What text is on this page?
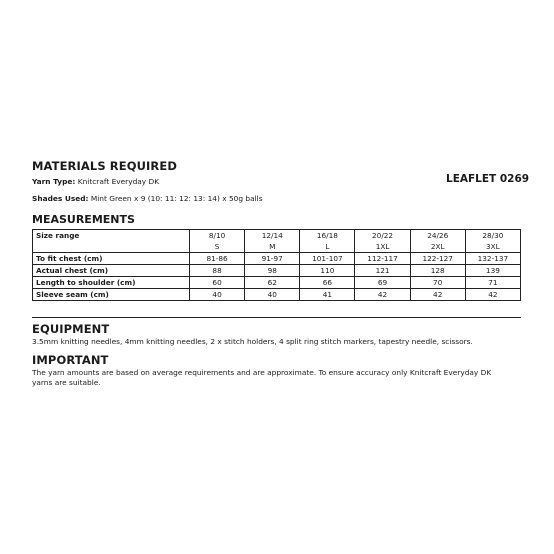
MATERIALS REQUIRED
Yarn Type: Knitcraft Everyday DK
Shades Used: Mint Green x 9 (10: 11: 12: 13: 14) x 50g balls
LEAFLET 0269
MEASUREMENTS
Size range	8/10	12/14	16/18	20/22	24/26	28/30
	S	M	L	1XL	2XL	3XL
To fit chest (cm)	81-86	91-97	101-107	112-117	122-127	132-137
Actual chest (cm)	88	98	110	121	128	139
Length to shoulder (cm)	60	62	66	69	70	71
Sleeve seam (cm)	40	40	41	42	42	42
EQUIPMENT
3.5mm knitting needles, 4mm knitting needles, 2 x stitch holders, 4 split ring stitch markers, tapestry needle, scissors.
IMPORTANT
The yarn amounts are based on average requirements and are approximate. To ensure accuracy only Knitcraft Everyday DK yarns are suitable.
